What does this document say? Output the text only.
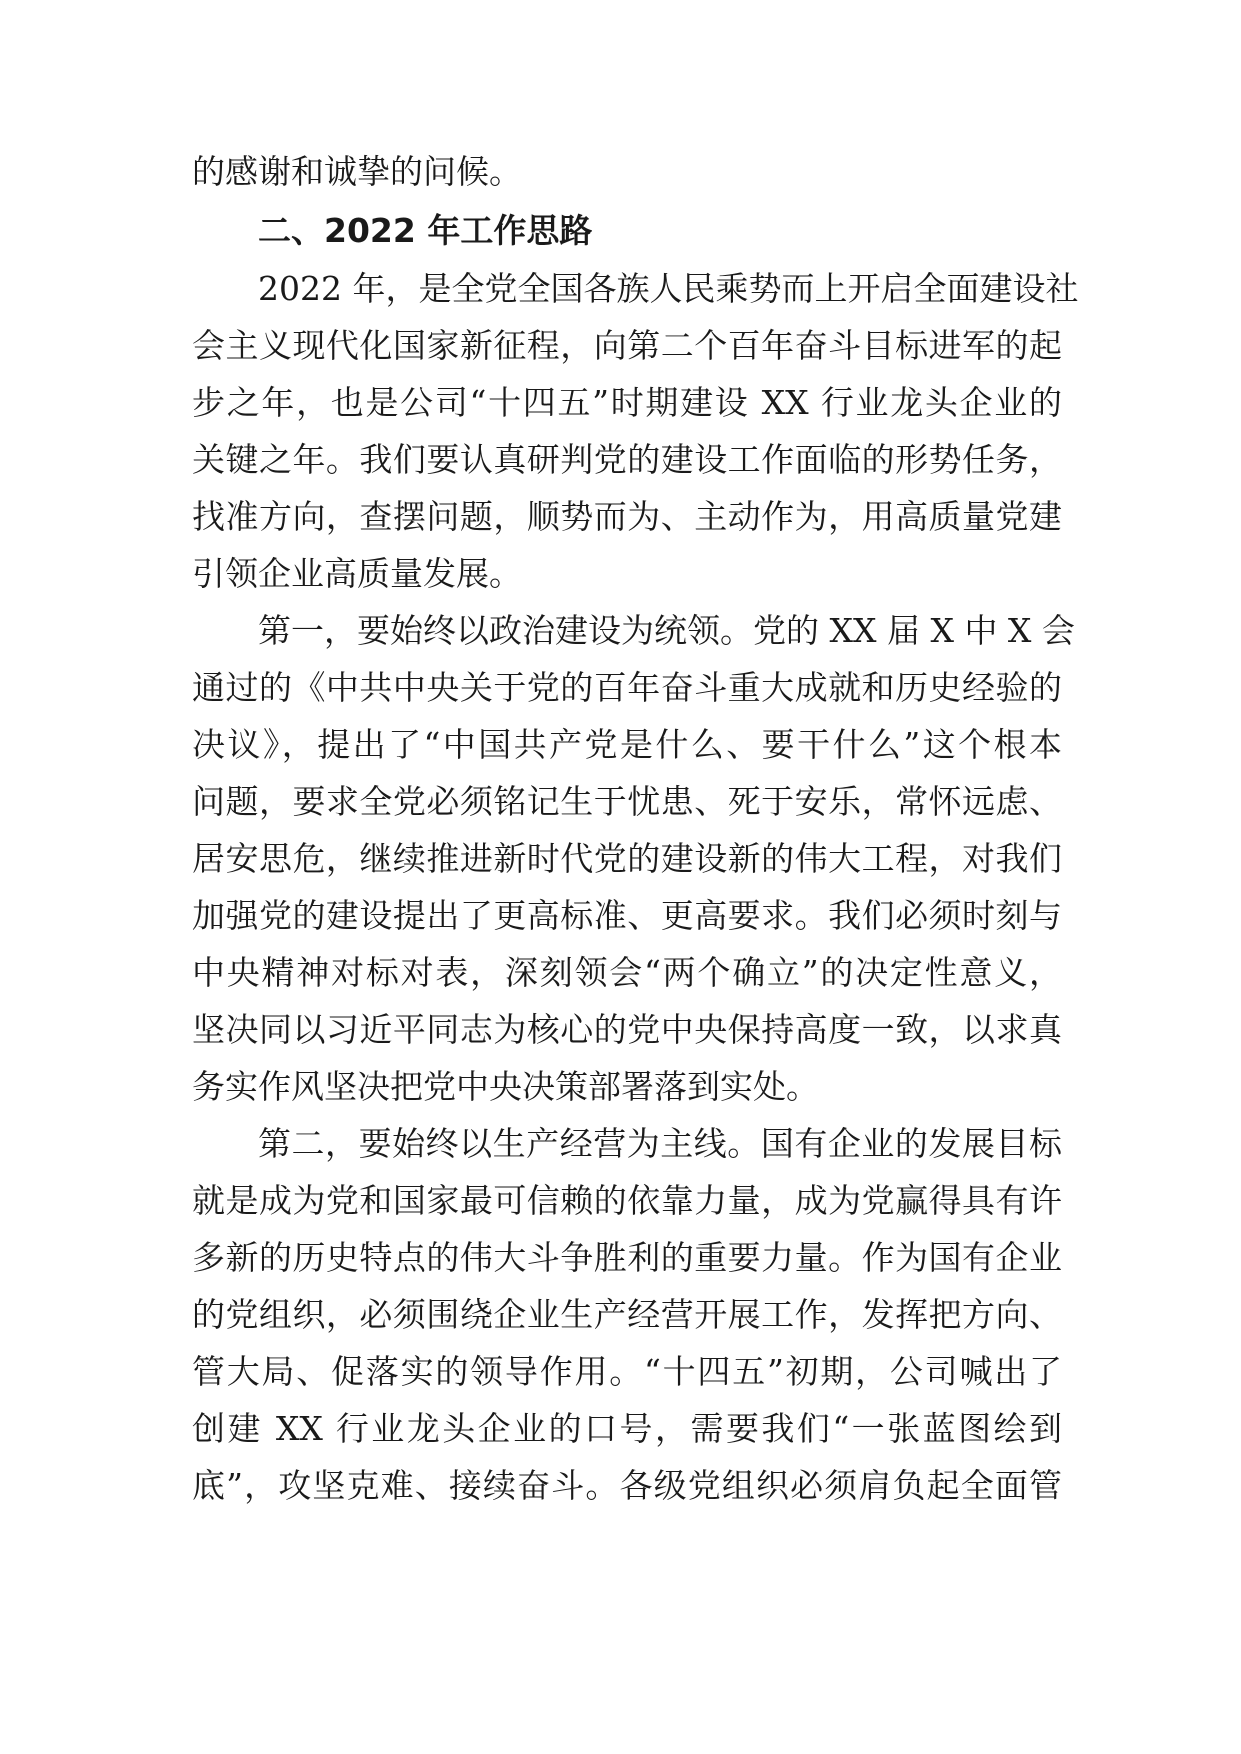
的感谢和诚挚的问候。
二、2022 年工作思路
2022 年，是全党全国各族人民乘势而上开启全面建设社
会主义现代化国家新征程，向第二个百年奋斗目标进军的起
步之年，也是公司“十四五”时期建设 XX 行业龙头企业的
关键之年。我们要认真研判党的建设工作面临的形势任务，
找准方向，查摆问题，顺势而为、主动作为，用高质量党建
引领企业高质量发展。
第一，要始终以政治建设为统领。党的 XX 届 X 中 X 会
通过的《中共中央关于党的百年奋斗重大成就和历史经验的
决议》，提出了“中国共产党是什么、要干什么”这个根本
问题，要求全党必须铭记生于忧患、死于安乐，常怀远虑、
居安思危，继续推进新时代党的建设新的伟大工程，对我们
加强党的建设提出了更高标准、更高要求。我们必须时刻与
中央精神对标对表，深刻领会“两个确立”的决定性意义，
坚决同以习近平同志为核心的党中央保持高度一致，以求真
务实作风坚决把党中央决策部署落到实处。
第二，要始终以生产经营为主线。国有企业的发展目标
就是成为党和国家最可信赖的依靠力量，成为党赢得具有许
多新的历史特点的伟大斗争胜利的重要力量。作为国有企业
的党组织，必须围绕企业生产经营开展工作，发挥把方向、
管大局、促落实的领导作用。“十四五”初期，公司喊出了
创建 XX 行业龙头企业的口号，需要我们“一张蓝图绘到
底”，攻坚克难、接续奋斗。各级党组织必须肩负起全面管
